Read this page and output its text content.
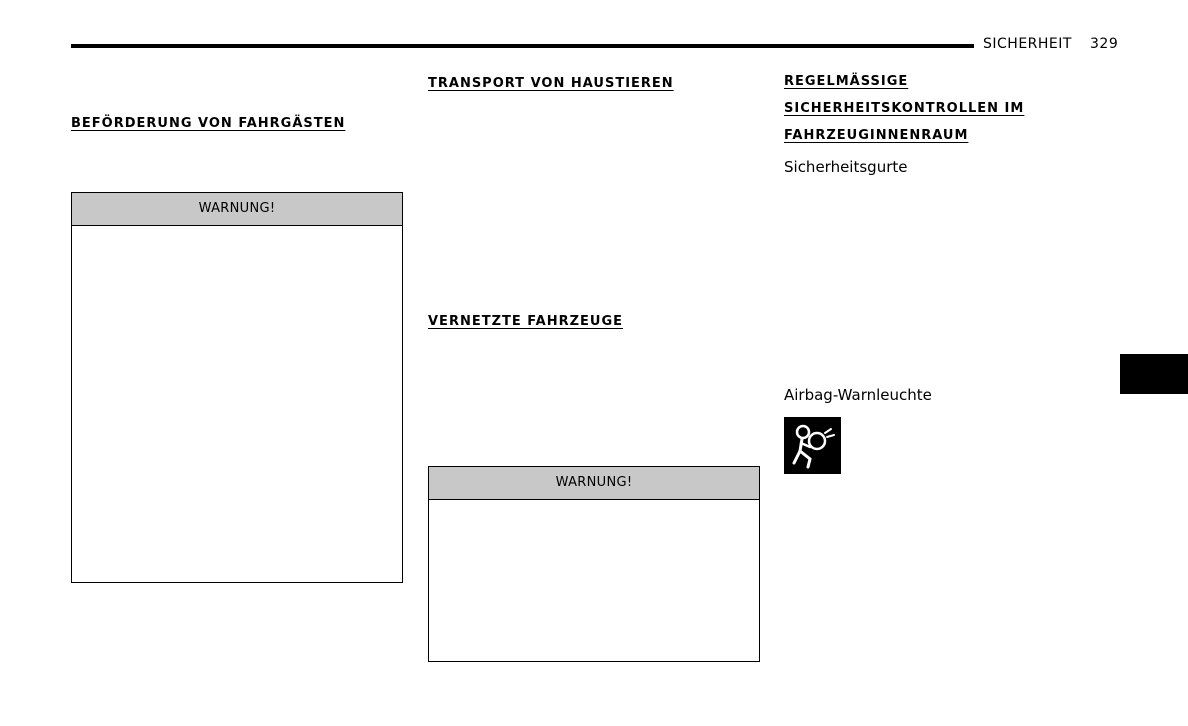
SICHERHEIT 329
BEFÖRDERUNG VON FAHRGÄSTEN
WARNUNG!
TRANSPORT VON HAUSTIEREN
VERNETZTE FAHRZEUGE
WARNUNG!
REGELMÄSSIGE
SICHERHEITSKONTROLLEN IM
FAHRZEUGINNENRAUM
Sicherheitsgurte
Airbag-Warnleuchte
